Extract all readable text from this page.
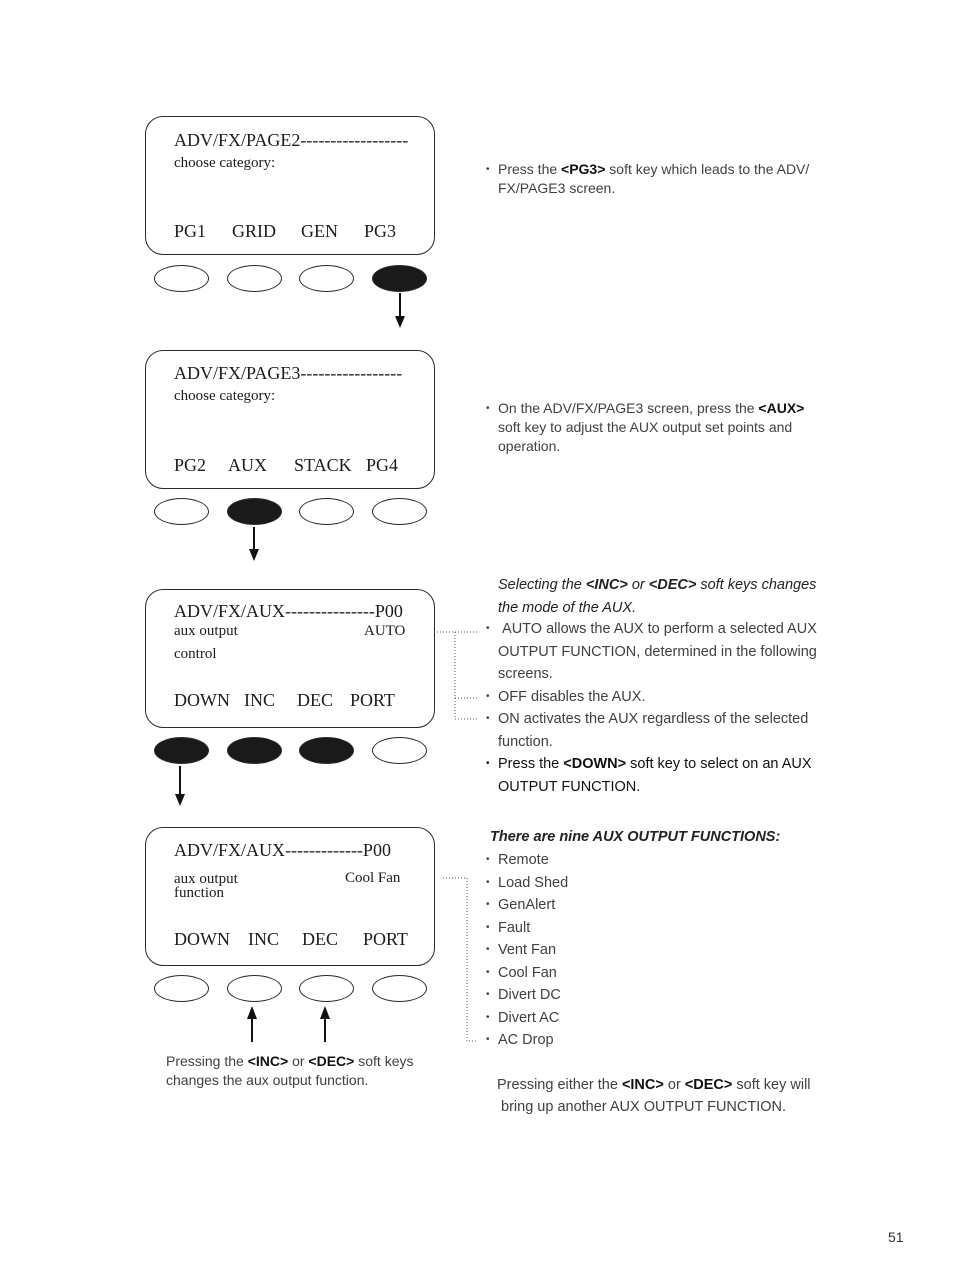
ADV/FX/PAGE2------------------
choose category:
PG1 GRID GEN PG3
ADV/FX/PAGE3-----------------
choose category:
PG2 AUX STACK PG4
ADV/FX/AUX---------------P00
aux output	AUTO
control
DOWN INC DEC PORT
ADV/FX/AUX-------------P00
aux output	Cool Fan
function
DOWN INC DEC PORT
• Press the <PG3> soft key which leads to the ADV/
FX/PAGE3 screen.
• On the ADV/FX/PAGE3 screen, press the <AUX>
soft key to adjust the AUX output set points and
operation.
Selecting the <INC> or <DEC> soft keys changes
the mode of the AUX.
• AUTO allows the AUX to perform a selected AUX
OUTPUT FUNCTION, determined in the following
screens.
• OFF disables the AUX.
• ON activates the AUX regardless of the selected
function.
• Press the <DOWN> soft key to select on an AUX
OUTPUT FUNCTION.
There are nine AUX OUTPUT FUNCTIONS:
• Remote
• Load Shed
• GenAlert
• Fault
• Vent Fan
• Cool Fan
• Divert DC
• Divert AC
• AC Drop
Pressing either the <INC> or <DEC> soft key will
bring up another AUX OUTPUT FUNCTION.
Pressing the <INC> or <DEC> soft keys
changes the aux output function.
51
